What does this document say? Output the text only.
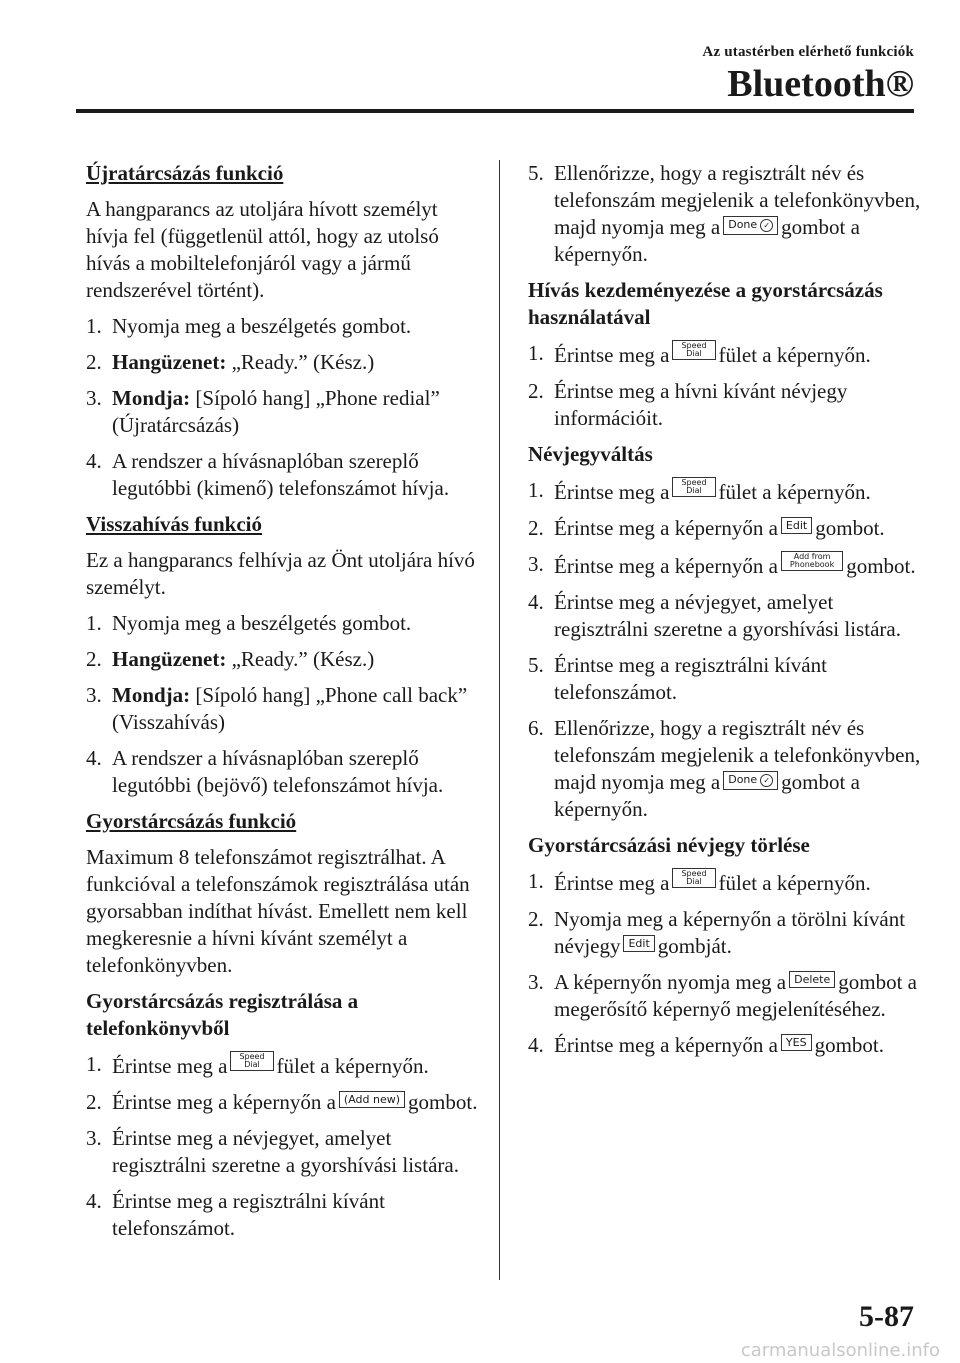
Az utastérben elérhető funkciók
Bluetooth®
Újratárcsázás funkció

A hangparancs az utoljára hívott személyt hívja fel (függetlenül attól, hogy az utolsó hívás a mobiltelefonjáról vagy a jármű rendszerével történt).

1. Nyomja meg a beszélgetés gombot.
2. Hangüzenet: „Ready.” (Kész.)
3. Mondja: [Sípoló hang] „Phone redial” (Újratárcsázás)
4. A rendszer a hívásnaplóban szereplő legutóbbi (kimenő) telefonszámot hívja.
Visszahívás funkció

Ez a hangparancs felhívja az Önt utoljára hívó személyt.

1. Nyomja meg a beszélgetés gombot.
2. Hangüzenet: „Ready.” (Kész.)
3. Mondja: [Sípoló hang] „Phone call back” (Visszahívás)
4. A rendszer a hívásnaplóban szereplő legutóbbi (bejövő) telefonszámot hívja.
Gyorstárcsázás funkció

Maximum 8 telefonszámot regisztrálhat. A funkcióval a telefonszámok regisztrálása után gyorsabban indíthat hívást. Emellett nem kell megkeresnie a hívni kívánt személyt a telefonkönyvben.

Gyorstárcsázás regisztrálása a telefonkönyvből
1. Érintse meg a Speed
Dial fület a képernyőn.
2. Érintse meg a képernyőn a (Add new) gombot.
3. Érintse meg a névjegyet, amelyet regisztrálni szeretne a gyorshívási listára.
4. Érintse meg a regisztrálni kívánt telefonszámot.
5. Ellenőrizze, hogy a regisztrált név és telefonszám megjelenik a telefonkönyvben, majd nyomja meg a Done ✓ gombot a képernyőn.
Hívás kezdeményezése a gyorstárcsázás használatával
1. Érintse meg a Speed
Dial fület a képernyőn.
2. Érintse meg a hívni kívánt névjegy információit.
Névjegyváltás
1. Érintse meg a Speed
Dial fület a képernyőn.
2. Érintse meg a képernyőn a Edit gombot.
3. Érintse meg a képernyőn a	Add from
Phonebook gombot.
4. Érintse meg a névjegyet, amelyet regisztrálni szeretne a gyorshívási listára.
5. Érintse meg a regisztrálni kívánt telefonszámot.
6. Ellenőrizze, hogy a regisztrált név és telefonszám megjelenik a telefonkönyvben, majd nyomja meg a Done ✓ gombot a képernyőn.
Gyorstárcsázási névjegy törlése
1. Érintse meg a Speed
Dial fület a képernyőn.
2. Nyomja meg a képernyőn a törölni kívánt névjegy Edit gombját.
3. A képernyőn nyomja meg a Delete gombot a megerősítő képernyő megjelenítéséhez.
4. Érintse meg a képernyőn a YES gombot.
5-87
carmanualsonline.info
